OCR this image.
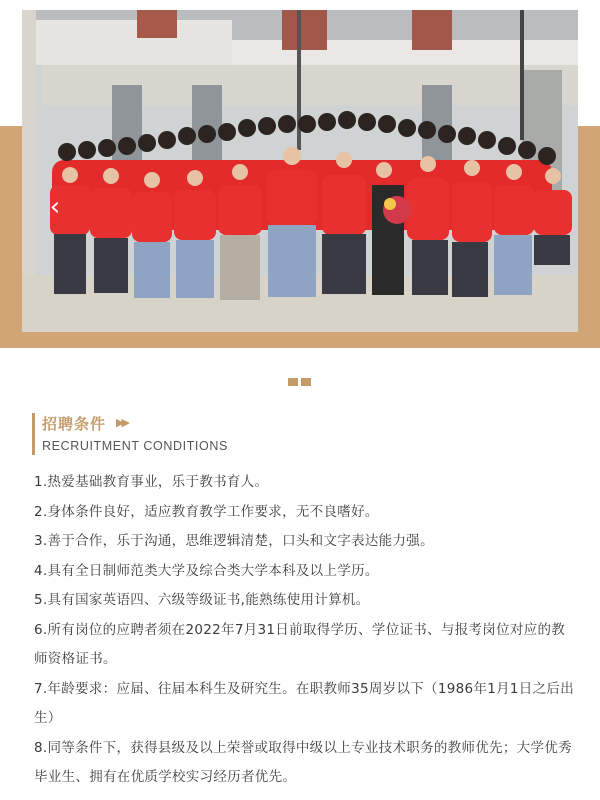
‹
招聘条件 ▶▶
RECRUITMENT CONDITIONS

1.热爱基础教育事业，乐于教书育人。

2.身体条件良好，适应教育教学工作要求，无不良嗜好。

3.善于合作，乐于沟通，思维逻辑清楚，口头和文字表达能力强。

4.具有全日制师范类大学及综合类大学本科及以上学历。

5.具有国家英语四、六级等级证书,能熟练使用计算机。

6.所有岗位的应聘者须在2022年7月31日前取得学历、学位证书、与报考岗位对应的教师资格证书。

7.年龄要求：应届、往届本科生及研究生。在职教师35周岁以下（1986年1月1日之后出生）

8.同等条件下，获得县级及以上荣誉或取得中级以上专业技术职务的教师优先；大学优秀毕业生、拥有在优质学校实习经历者优先。
